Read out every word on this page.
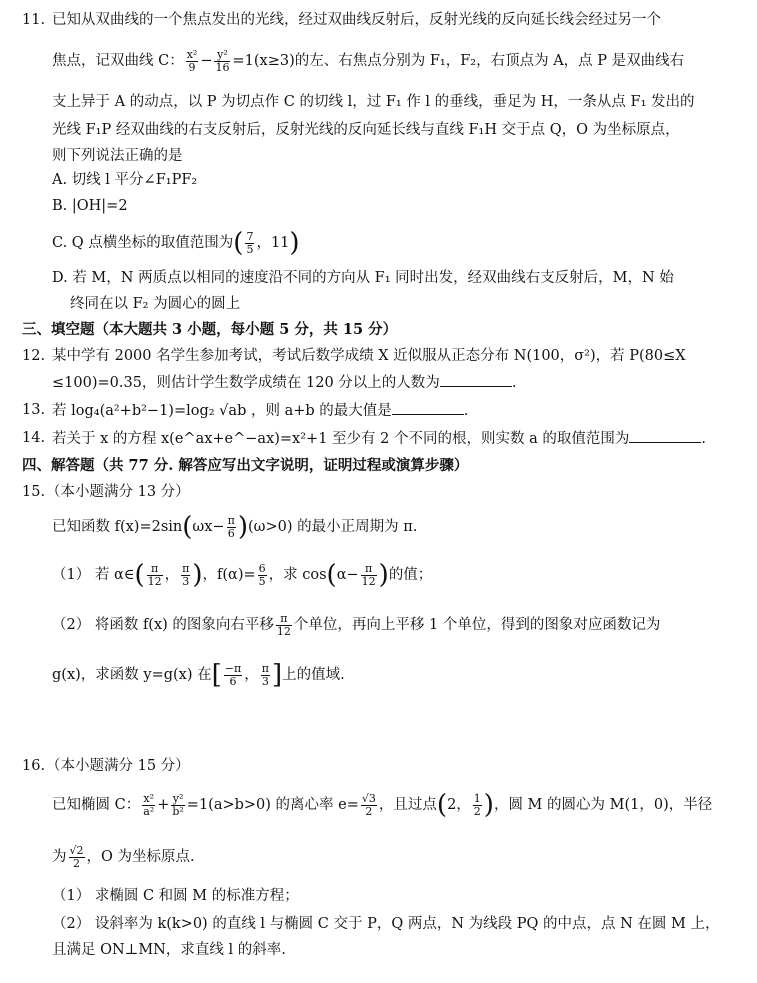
11. 已知从双曲线的一个焦点发出的光线，经过双曲线反射后，反射光线的反向延长线会经过另一个
焦点，记双曲线 C： $\frac{\text{x²}}{9} - \frac{\text{y²}}{16} =1(x\ge 3)$的左、右焦点分别为 F₁，F₂，右顶点为 A，点 P 是双曲线右
支上异于 A 的动点，以 P 为切点作 C 的切线 l，过 F₁ 作 l 的垂线，垂足为 H，一条从点 F₁ 发出的
光线 F₁P 经双曲线的右支反射后，反射光线的反向延长线与直线 F₁H 交于点 Q，O 为坐标原点，
则下列说法正确的是
A. 切线 l 平分∠F₁PF₂
B. |OH|=2
C. Q 点横坐标的取值范围为( $\frac{7}{5}$ ，11)
D. 若 M，N 两质点以相同的速度沿不同的方向从 F₁ 同时出发，经双曲线右支反射后，M，N 始
终同在以 F₂ 为圆心的圆上
三、填空题（本大题共 3 小题，每小题 5 分，共 15 分）
12. 某中学有 2000 名学生参加考试，考试后数学成绩 X 近似服从正态分布 N(100，σ²)，若 P(80≤X
≤100)=0.35，则估计学生数学成绩在 120 分以上的人数为	.
13. 若 log₄(a²+b²−1)=log₂ √ab ，则 a+b 的最大值是	.
14. 若关于 x 的方程 x(e^ax+e^−ax)=x²+1 至少有 2 个不同的根，则实数 a 的取值范围为	.
四、解答题（共 77 分. 解答应写出文字说明，证明过程或演算步骤）
15. （本小题满分 13 分）
已知函数 $f(x)=2\sin(\omega x- \frac{\pi}{6} )(\omega>0)$ 的最小正周期为 π.
（1） 若 α∈( $\frac{\pi}{12}$ ， $\frac{\pi}{3}$ )，$f(\alpha)= \frac{6}{5}$ ，求 $\cos(\alpha- \frac{\pi}{12}$ )的值；
（2） 将函数 f(x) 的图象向右平移 $\frac{\pi}{12}$ 个单位，再向上平移 1 个单位，得到的图象对应函数记为
g(x)，求函数 y=g(x) 在[ $\frac{-\pi}{6}$ ， $\frac{\pi}{3}$ ]上的值域.
16. （本小题满分 15 分）
已知椭圆 C： $\frac{\text{x²}}{\text{a²}} + \frac{\text{y²}}{\text{b²}} =1(a>b>0)$ 的离心率 $e= \frac{√3}{2}$ ，且过点(2， $\frac{1}{2}$ )，圆 M 的圆心为 M(1，0)，半径
为 $\frac{√2}{2}$ ，O 为坐标原点.
（1） 求椭圆 C 和圆 M 的标准方程；
（2） 设斜率为 k(k>0) 的直线 l 与椭圆 C 交于 P，Q 两点，N 为线段 PQ 的中点，点 N 在圆 M 上，
且满足 ON⊥MN，求直线 l 的斜率.
